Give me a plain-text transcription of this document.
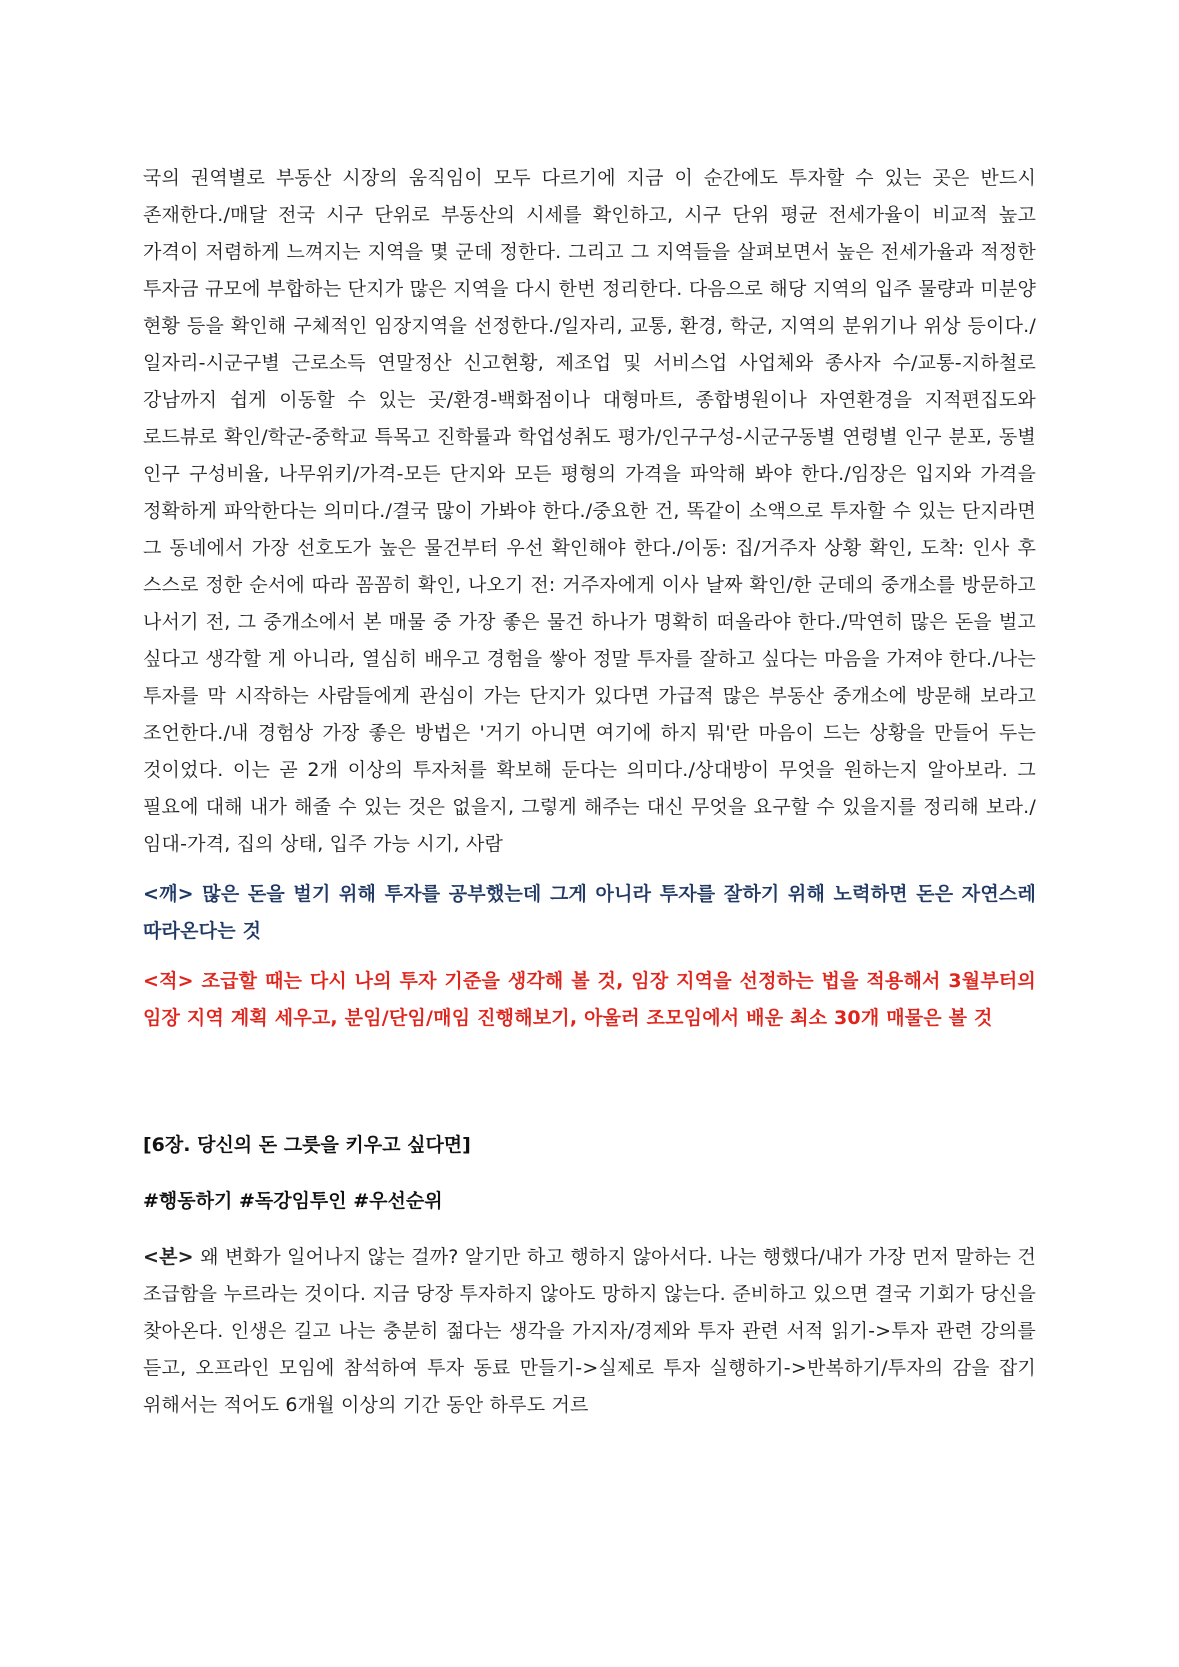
국의 권역별로 부동산 시장의 움직임이 모두 다르기에 지금 이 순간에도 투자할 수 있는 곳은 반드시 존재한다./매달 전국 시구 단위로 부동산의 시세를 확인하고, 시구 단위 평균 전세가율이 비교적 높고 가격이 저렴하게 느껴지는 지역을 몇 군데 정한다. 그리고 그 지역들을 살펴보면서 높은 전세가율과 적정한 투자금 규모에 부합하는 단지가 많은 지역을 다시 한번 정리한다. 다음으로 해당 지역의 입주 물량과 미분양 현황 등을 확인해 구체적인 임장지역을 선정한다./일자리, 교통, 환경, 학군, 지역의 분위기나 위상 등이다./일자리-시군구별 근로소득 연말정산 신고현황, 제조업 및 서비스업 사업체와 종사자 수/교통-지하철로 강남까지 쉽게 이동할 수 있는 곳/환경-백화점이나 대형마트, 종합병원이나 자연환경을 지적편집도와 로드뷰로 확인/학군-중학교 특목고 진학률과 학업성취도 평가/인구구성-시군구동별 연령별 인구 분포, 동별 인구 구성비율, 나무위키/가격-모든 단지와 모든 평형의 가격을 파악해 봐야 한다./임장은 입지와 가격을 정확하게 파악한다는 의미다./결국 많이 가봐야 한다./중요한 건, 똑같이 소액으로 투자할 수 있는 단지라면 그 동네에서 가장 선호도가 높은 물건부터 우선 확인해야 한다./이동: 집/거주자 상황 확인, 도착: 인사 후 스스로 정한 순서에 따라 꼼꼼히 확인, 나오기 전: 거주자에게 이사 날짜 확인/한 군데의 중개소를 방문하고 나서기 전, 그 중개소에서 본 매물 중 가장 좋은 물건 하나가 명확히 떠올라야 한다./막연히 많은 돈을 벌고 싶다고 생각할 게 아니라, 열심히 배우고 경험을 쌓아 정말 투자를 잘하고 싶다는 마음을 가져야 한다./나는 투자를 막 시작하는 사람들에게 관심이 가는 단지가 있다면 가급적 많은 부동산 중개소에 방문해 보라고 조언한다./내 경험상 가장 좋은 방법은 '거기 아니면 여기에 하지 뭐'란 마음이 드는 상황을 만들어 두는 것이었다. 이는 곧 2개 이상의 투자처를 확보해 둔다는 의미다./상대방이 무엇을 원하는지 알아보라. 그 필요에 대해 내가 해줄 수 있는 것은 없을지, 그렇게 해주는 대신 무엇을 요구할 수 있을지를 정리해 보라./임대-가격, 집의 상태, 입주 가능 시기, 사람

<깨> 많은 돈을 벌기 위해 투자를 공부했는데 그게 아니라 투자를 잘하기 위해 노력하면 돈은 자연스레 따라온다는 것

<적> 조급할 때는 다시 나의 투자 기준을 생각해 볼 것, 임장 지역을 선정하는 법을 적용해서 3월부터의 임장 지역 계획 세우고, 분임/단임/매임 진행해보기, 아울러 조모임에서 배운 최소 30개 매물은 볼 것

[6장. 당신의 돈 그릇을 키우고 싶다면]

#행동하기 #독강임투인 #우선순위

<본> 왜 변화가 일어나지 않는 걸까? 알기만 하고 행하지 않아서다. 나는 행했다/내가 가장 먼저 말하는 건 조급함을 누르라는 것이다. 지금 당장 투자하지 않아도 망하지 않는다. 준비하고 있으면 결국 기회가 당신을 찾아온다. 인생은 길고 나는 충분히 젊다는 생각을 가지자/경제와 투자 관련 서적 읽기->투자 관련 강의를 듣고, 오프라인 모임에 참석하여 투자 동료 만들기->실제로 투자 실행하기->반복하기/투자의 감을 잡기 위해서는 적어도 6개월 이상의 기간 동안 하루도 거르
